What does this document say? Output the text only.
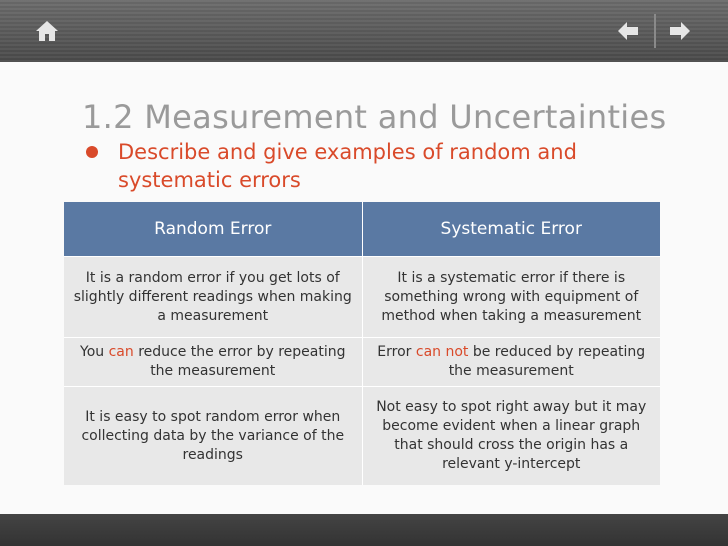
1.2 Measurement and Uncertainties

Describe and give examples of random and systematic errors

Random Error	Systematic Error
It is a random error if you get lots of slightly different readings when making a measurement	It is a systematic error if there is something wrong with equipment of method when taking a measurement
You can reduce the error by repeating the measurement	Error can not be reduced by repeating the measurement
It is easy to spot random error when collecting data by the variance of the readings	Not easy to spot right away but it may become evident when a linear graph that should cross the origin has a relevant y-intercept
